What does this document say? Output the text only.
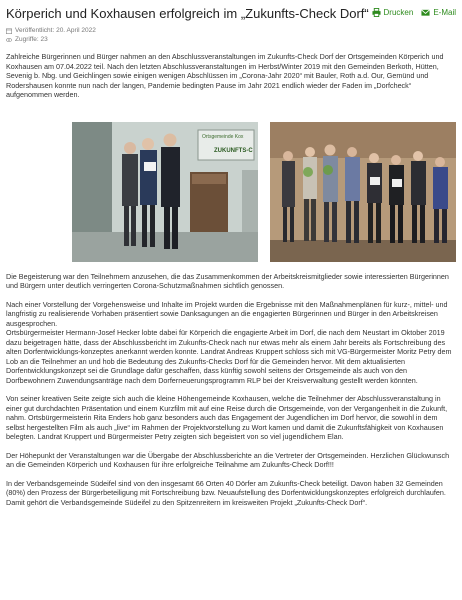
Körperich und Koxhausen erfolgreich im „Zukunfts-Check Dorf“ Drucken	E-Mail
Veröffentlicht: 20. April 2022
Zugriffe: 23

Zahlreiche Bürgerinnen und Bürger nahmen an den Abschlussveranstaltungen im Zukunfts-Check Dorf der Ortsgemeinden Körperich und Koxhausen am 07.04.2022 teil. Nach den letzten Abschlussveranstaltungen im Herbst/Winter 2019 mit den Gemeinden Berkoth, Hütten, Sevenig b. Nbg. und Geichlingen sowie einigen wenigen Abschlüssen im „Corona-Jahr 2020“ mit Bauler, Roth a.d. Our, Gemünd und Rodershausen konnte nun nach der langen, Pandemie bedingten Pause im Jahr 2021 endlich wieder der Faden im „Dorfcheck“ aufgenommen werden.

Ortsgemeinde Kox
ZUKUNFTS-C

Die Begeisterung war den Teilnehmern anzusehen, die das Zusammenkommen der Arbeitskreismitglieder sowie interessierten Bürgerinnen und Bürgern unter deutlich verringerten Corona-Schutzmaßnahmen sichtlich genossen.

Nach einer Vorstellung der Vorgehensweise und Inhalte im Projekt wurden die Ergebnisse mit den Maßnahmenplänen für kurz-, mittel- und langfristig zu realisierende Vorhaben präsentiert sowie Danksagungen an die engagierten Bürgerinnen und Bürger in den Arbeitskreisen ausgesprochen.

Ortsbürgermeister Hermann-Josef Hecker lobte dabei für Körperich die engagierte Arbeit im Dorf, die nach dem Neustart im Oktober 2019 dazu beigetragen hätte, dass der Abschlussbericht im Zukunfts-Check nach nur etwas mehr als einem Jahr bereits als Fortschreibung des alten Dorfentwicklungs-konzeptes anerkannt werden konnte. Landrat Andreas Kruppert schloss sich mit VG-Bürgermeister Moritz Petry dem Lob an die Teilnehmer an und hob die Bedeutung des Zukunfts-Checks Dorf für die Gemeinden hervor. Mit dem aktualisierten Dorfentwicklungskonzept sei die Grundlage dafür geschaffen, dass künftig sowohl seitens der Ortsgemeinde als auch von den Dorfbewohnern Zuwendungsanträge nach dem Dorferneuerungsprogramm RLP bei der Kreisverwaltung gestellt werden könnten.

Von seiner kreativen Seite zeigte sich auch die kleine Höhengemeinde Koxhausen, welche die Teilnehmer der Abschlussveranstaltung in einer gut durchdachten Präsentation und einem Kurzfilm mit auf eine Reise durch die Ortsgemeinde, von der Vergangenheit in die Zukunft, nahm. Ortsbürgermeisterin Rita Enders hob ganz besonders auch das Engagement der Jugendlichen im Dorf hervor, die sowohl in dem selbst hergestellten Film als auch „live“ im Rahmen der Projektvorstellung zu Wort kamen und damit die Zukunftsfähigkeit von Koxhausen belegten. Landrat Kruppert und Bürgermeister Petry zeigten sich begeistert von so viel jugendlichem Elan.

Der Höhepunkt der Veranstaltungen war die Übergabe der Abschlussberichte an die Vertreter der Ortsgemeinden. Herzlichen Glückwunsch an die Gemeinden Körperich und Koxhausen für ihre erfolgreiche Teilnahme am Zukunfts-Check Dorf!!!

In der Verbandsgemeinde Südeifel sind von den insgesamt 66 Orten 40 Dörfer am Zukunfts-Check beteiligt. Davon haben 32 Gemeinden (80%) den Prozess der Bürgerbeteiligung mit Fortschreibung bzw. Neuaufstellung des Dorfentwicklungskonzeptes erfolgreich durchlaufen. Damit gehört die Verbandsgemeinde Südeifel zu den Spitzenreitern im kreisweiten Projekt „Zukunfts-Check Dorf“.
